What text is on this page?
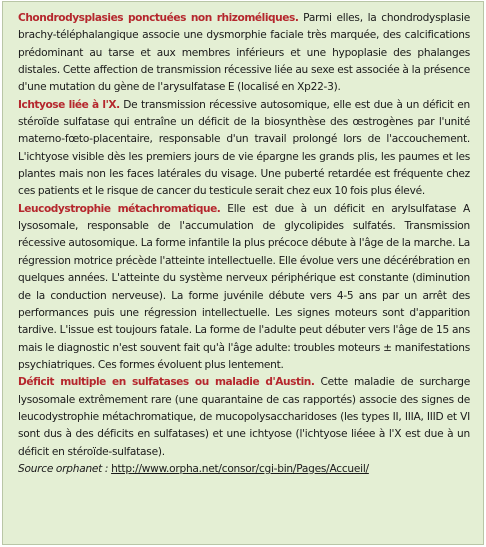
Chondrodysplasies ponctuées non rhizoméliques. Parmi elles, la chondrodysplasie brachy-téléphalangique associe une dysmorphie faciale très marquée, des calcifications prédominant au tarse et aux membres inférieurs et une hypoplasie des phalanges distales. Cette affection de transmission récessive liée au sexe est associée à la présence d'une mutation du gène de l'arysulfatase E (localisé en Xp22-3).

Ichtyose liée à l'X. De transmission récessive autosomique, elle est due à un déficit en stéroïde sulfatase qui entraîne un déficit de la biosynthèse des œstrogènes par l'unité materno-fœto-placentaire, responsable d'un travail prolongé lors de l'accouchement. L'ichtyose visible dès les premiers jours de vie épargne les grands plis, les paumes et les plantes mais non les faces latérales du visage. Une puberté retardée est fréquente chez ces patients et le risque de cancer du testicule serait chez eux 10 fois plus élevé.

Leucodystrophie métachromatique. Elle est due à un déficit en arylsulfatase A lysosomale, responsable de l'accumulation de glycolipides sulfatés. Transmission récessive autosomique. La forme infantile la plus précoce débute à l'âge de la marche. La régression motrice précède l'atteinte intellectuelle. Elle évolue vers une décérébration en quelques années. L'atteinte du système nerveux périphérique est constante (diminution de la conduction nerveuse). La forme juvénile débute vers 4-5 ans par un arrêt des performances puis une régression intellectuelle. Les signes moteurs sont d'apparition tardive. L'issue est toujours fatale. La forme de l'adulte peut débuter vers l'âge de 15 ans mais le diagnostic n'est souvent fait qu'à l'âge adulte: troubles moteurs ± manifestations psychiatriques. Ces formes évoluent plus lentement.

Déficit multiple en sulfatases ou maladie d'Austin. Cette maladie de surcharge lysosomale extrêmement rare (une quarantaine de cas rapportés) associe des signes de leucodystrophie métachromatique, de mucopolysaccharidoses (les types II, IIIA, IIID et VI sont dus à des déficits en sulfatases) et une ichtyose (l'ichtyose liéee à l'X est due à un déficit en stéroïde-sulfatase).

Source orphanet : http://www.orpha.net/consor/cgi-bin/Pages/Accueil/
